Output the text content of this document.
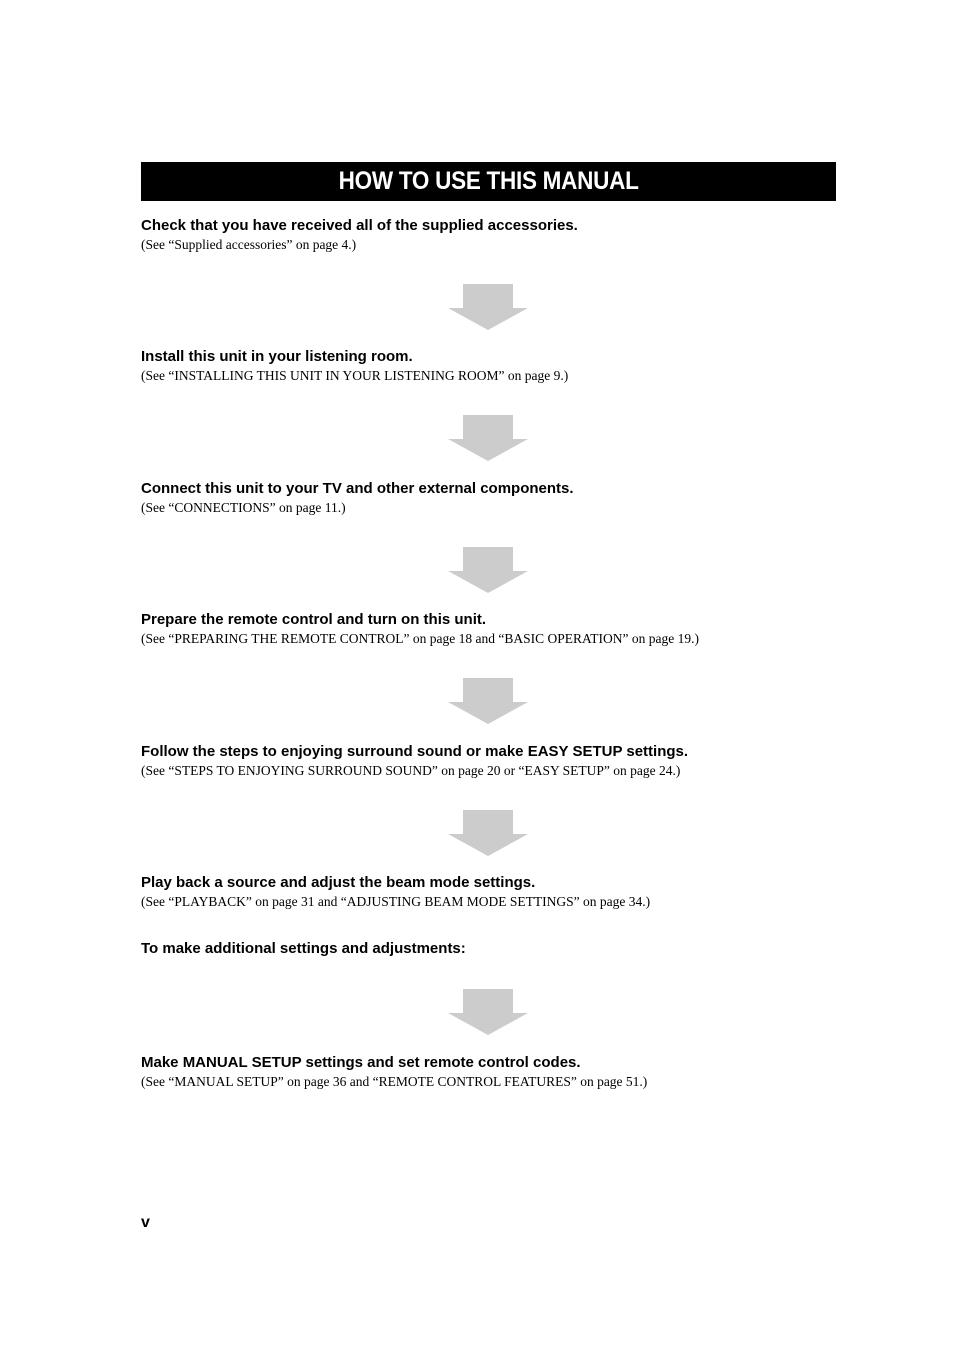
HOW TO USE THIS MANUAL
Check that you have received all of the supplied accessories.
(See “Supplied accessories” on page 4.)
Install this unit in your listening room.
(See “INSTALLING THIS UNIT IN YOUR LISTENING ROOM” on page 9.)
Connect this unit to your TV and other external components.
(See “CONNECTIONS” on page 11.)
Prepare the remote control and turn on this unit.
(See “PREPARING THE REMOTE CONTROL” on page 18 and “BASIC OPERATION” on page 19.)
Follow the steps to enjoying surround sound or make EASY SETUP settings.
(See “STEPS TO ENJOYING SURROUND SOUND” on page 20 or “EASY SETUP” on page 24.)
Play back a source and adjust the beam mode settings.
(See “PLAYBACK” on page 31 and “ADJUSTING BEAM MODE SETTINGS” on page 34.)
To make additional settings and adjustments:
Make MANUAL SETUP settings and set remote control codes.
(See “MANUAL SETUP” on page 36 and “REMOTE CONTROL FEATURES” on page 51.)
v
